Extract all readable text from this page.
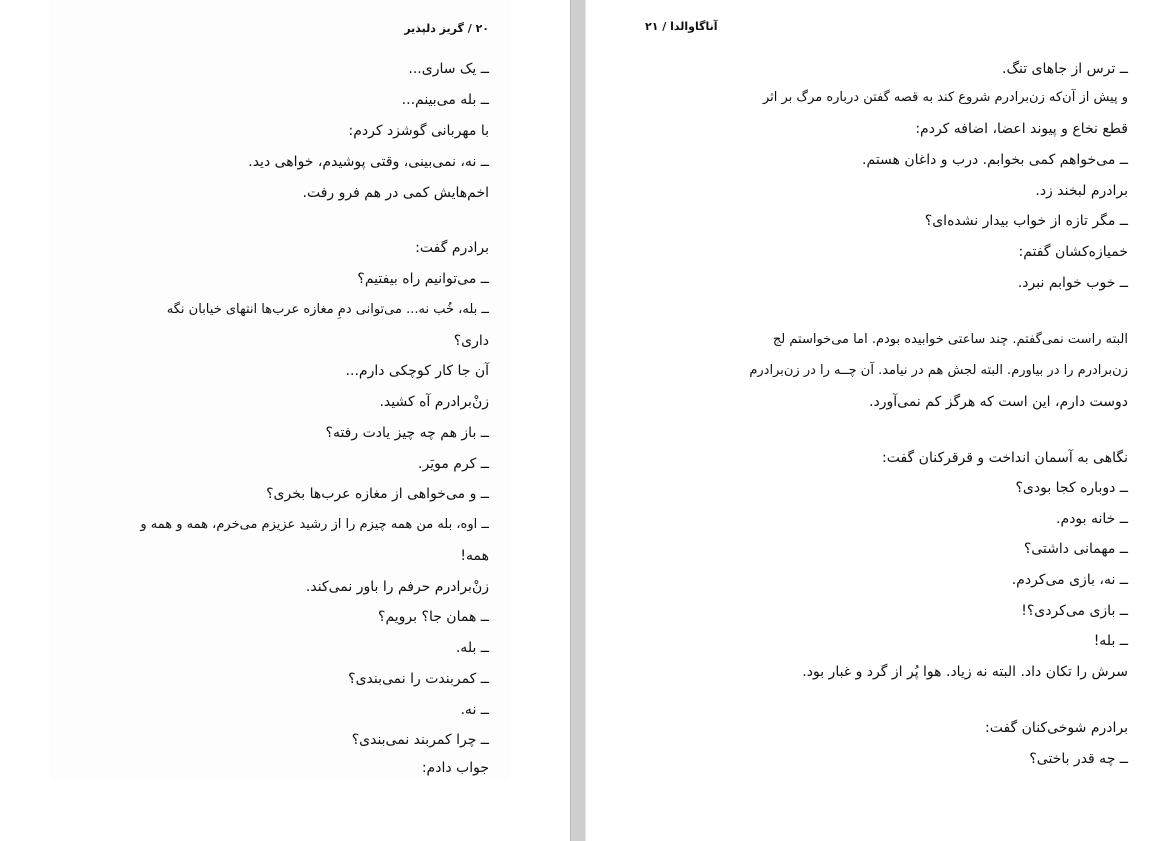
۲۰ / گریز دلپذیر

ــ یک ساری...

ــ بله می‌بینم...

با مهربانی گوشزد کردم:

ــ نه، نمی‌بینی، وقتی پوشیدم، خواهی دید.

اخم‌هایش کمی در هم فرو رفت.

برادرم گفت:

ــ می‌توانیم راه بیفتیم؟

ــ بله، خُب نه... می‌توانی دمِ مغازه عرب‌ها انتهای خیابان نگه

داری؟

آن جا کار کوچکی دارم...

زنْ‌برادرم آه کشید.

ــ باز هم چه چیز یادت رفته؟

ــ کرم مویَر.

ــ و می‌خواهی از مغازه عرب‌ها بخری؟

ــ اوه، بله من همه چیزم را از رشید عزیزم می‌خرم، همه و همه و

همه!

زنْ‌برادرم حرفم را باور نمی‌کند.

ــ همان جا؟ برویم؟

ــ بله.

ــ کمربندت را نمی‌بندی؟

ــ نه.

ــ چرا کمربند نمی‌بندی؟

جواب دادم:

آناگاوالدا / ۲۱

ــ ترس از جاهای تنگ.

و پیش از آن‌که زن‌برادرم شروع کند به قصه گفتن درباره مرگ بر اثر

قطع نخاع و پیوند اعضا، اضافه کردم:

ــ می‌خواهم کمی بخوابم. درب و داغان هستم.

برادرم لبخند زد.

ــ مگر تازه از خواب بیدار نشده‌ای؟

خمیازه‌کشان گفتم:

ــ خوب خوابم نبرد.

البته راست نمی‌گفتم. چند ساعتی خوابیده بودم. اما می‌خواستم لج

زن‌برادرم را در بیاورم. البته لجش هم در نیامد. آن چــه را در زن‌برادرم

دوست دارم، این است که هرگز کم نمی‌آورد.

نگاهی به آسمان انداخت و قرقرکنان گفت:

ــ دوباره کجا بودی؟

ــ خانه بودم.

ــ مهمانی داشتی؟

ــ نه، بازی می‌کردم.

ــ بازی می‌کردی؟!

ــ بله!

سرش را تکان داد. البته نه زیاد. هوا پُر از گرد و غبار بود.

برادرم شوخی‌کنان گفت:

ــ چه قدر باختی؟
